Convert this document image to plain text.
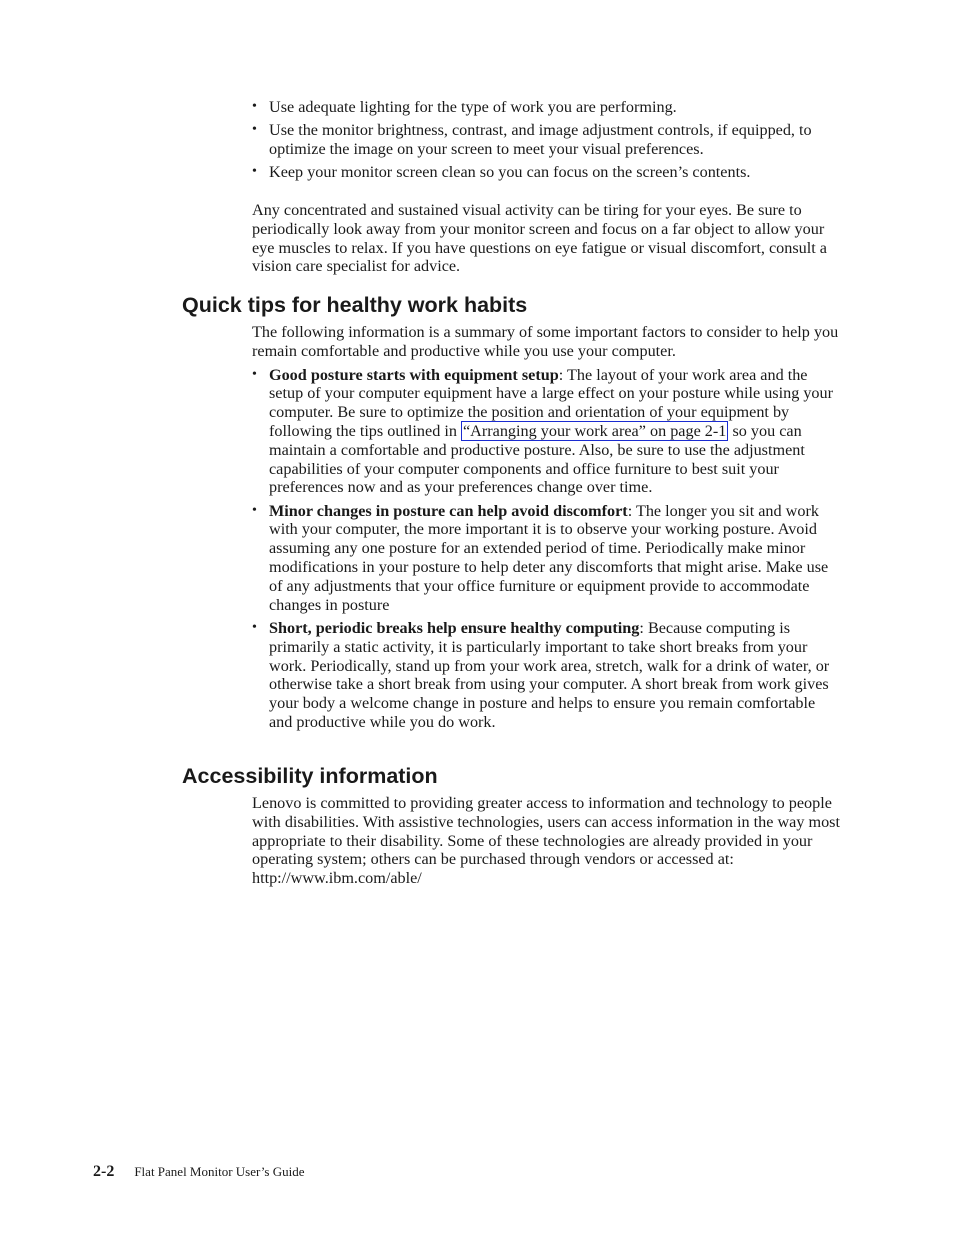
• Use adequate lighting for the type of work you are performing.
• Use the monitor brightness, contrast, and image adjustment controls, if equipped, to optimize the image on your screen to meet your visual preferences.
• Keep your monitor screen clean so you can focus on the screen’s contents.

Any concentrated and sustained visual activity can be tiring for your eyes. Be sure to periodically look away from your monitor screen and focus on a far object to allow your eye muscles to relax. If you have questions on eye fatigue or visual discomfort, consult a vision care specialist for advice.

Quick tips for healthy work habits

The following information is a summary of some important factors to consider to help you remain comfortable and productive while you use your computer.

• Good posture starts with equipment setup: The layout of your work area and the setup of your computer equipment have a large effect on your posture while using your computer. Be sure to optimize the position and orientation of your equipment by following the tips outlined in “Arranging your work area” on page 2-1 so you can maintain a comfortable and productive posture. Also, be sure to use the adjustment capabilities of your computer components and office furniture to best suit your preferences now and as your preferences change over time.
• Minor changes in posture can help avoid discomfort: The longer you sit and work with your computer, the more important it is to observe your working posture. Avoid assuming any one posture for an extended period of time. Periodically make minor modifications in your posture to help deter any discomforts that might arise. Make use of any adjustments that your office furniture or equipment provide to accommodate changes in posture
• Short, periodic breaks help ensure healthy computing: Because computing is primarily a static activity, it is particularly important to take short breaks from your work. Periodically, stand up from your work area, stretch, walk for a drink of water, or otherwise take a short break from using your computer. A short break from work gives your body a welcome change in posture and helps to ensure you remain comfortable and productive while you do work.
Accessibility information

Lenovo is committed to providing greater access to information and technology to people with disabilities. With assistive technologies, users can access information in the way most appropriate to their disability. Some of these technologies are already provided in your operating system; others can be purchased through vendors or accessed at: http://www.ibm.com/able/

2-2 Flat Panel Monitor User’s Guide
